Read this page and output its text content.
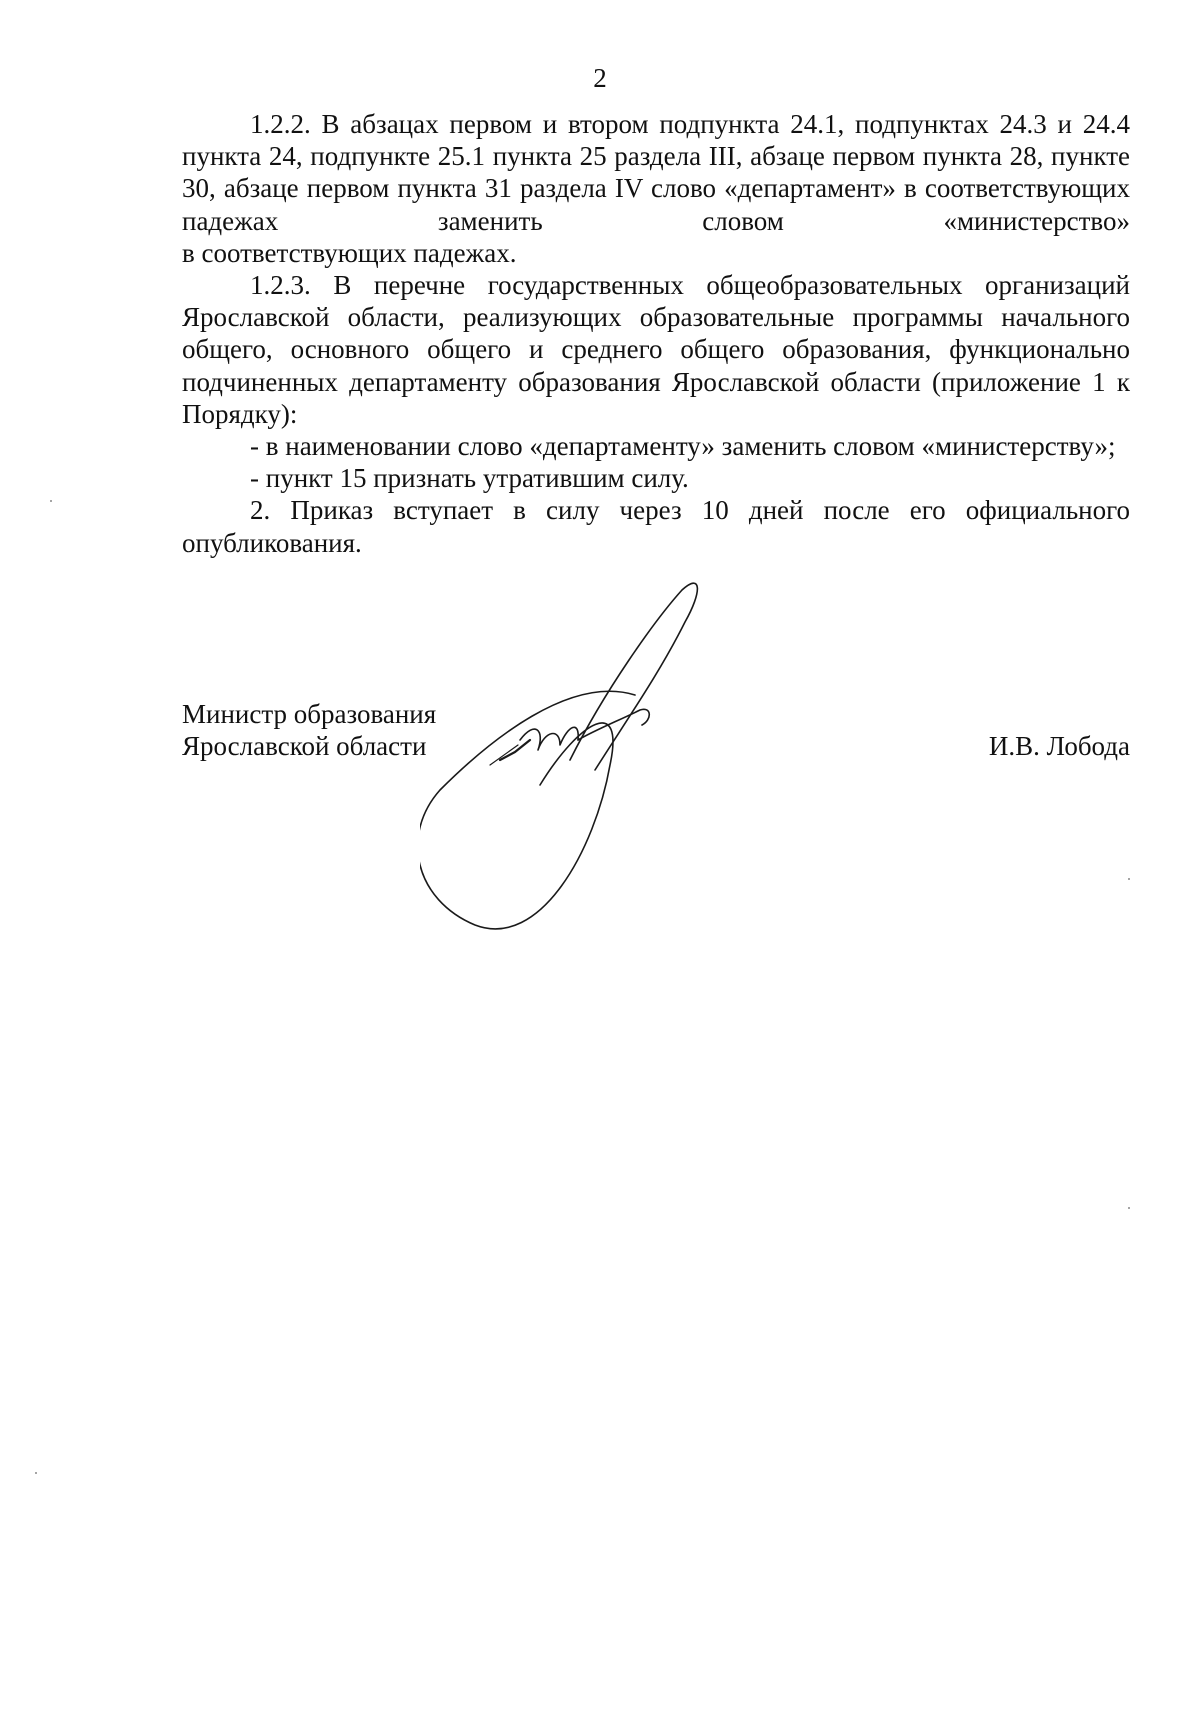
2

1.2.2. В абзацах первом и втором подпункта 24.1, подпунктах 24.3 и 24.4 пункта 24, подпункте 25.1 пункта 25 раздела III, абзаце первом пункта 28, пункте 30, абзаце первом пункта 31 раздела IV слово «департамент» в соответствующих падежах заменить словом «министерство»

в соответствующих падежах.

1.2.3. В перечне государственных общеобразовательных организаций Ярославской области, реализующих образовательные программы начального общего, основного общего и среднего общего образования, функционально подчиненных департаменту образования Ярославской области (приложение 1 к Порядку):

- в наименовании слово «департаменту» заменить словом «министерству»;

- пункт 15 признать утратившим силу.

2. Приказ вступает в силу через 10 дней после его официального опубликования.

Министр образования
Ярославской области	И.В. Лобода
